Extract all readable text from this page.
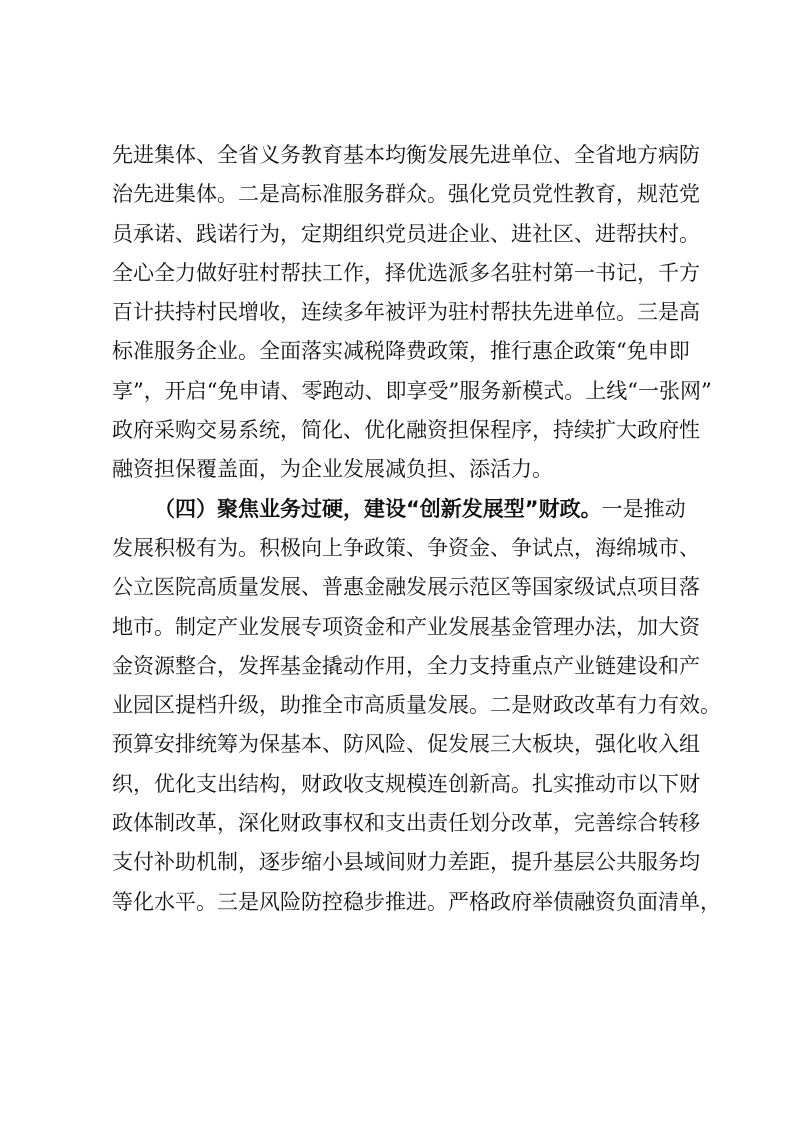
先进集体、全省义务教育基本均衡发展先进单位、全省地方病防
治先进集体。二是高标准服务群众。强化党员党性教育，规范党
员承诺、践诺行为，定期组织党员进企业、进社区、进帮扶村。
全心全力做好驻村帮扶工作，择优选派多名驻村第一书记，千方
百计扶持村民增收，连续多年被评为驻村帮扶先进单位。三是高
标准服务企业。全面落实减税降费政策，推行惠企政策“免申即
享”，开启“免申请、零跑动、即享受”服务新模式。上线“一张网”
政府采购交易系统，简化、优化融资担保程序，持续扩大政府性
融资担保覆盖面，为企业发展减负担、添活力。
（四）聚焦业务过硬，建设“创新发展型”财政。一是推动
发展积极有为。积极向上争政策、争资金、争试点，海绵城市、
公立医院高质量发展、普惠金融发展示范区等国家级试点项目落
地市。制定产业发展专项资金和产业发展基金管理办法，加大资
金资源整合，发挥基金撬动作用，全力支持重点产业链建设和产
业园区提档升级，助推全市高质量发展。二是财政改革有力有效。
预算安排统筹为保基本、防风险、促发展三大板块，强化收入组
织，优化支出结构，财政收支规模连创新高。扎实推动市以下财
政体制改革，深化财政事权和支出责任划分改革，完善综合转移
支付补助机制，逐步缩小县域间财力差距，提升基层公共服务均
等化水平。三是风险防控稳步推进。严格政府举债融资负面清单，
